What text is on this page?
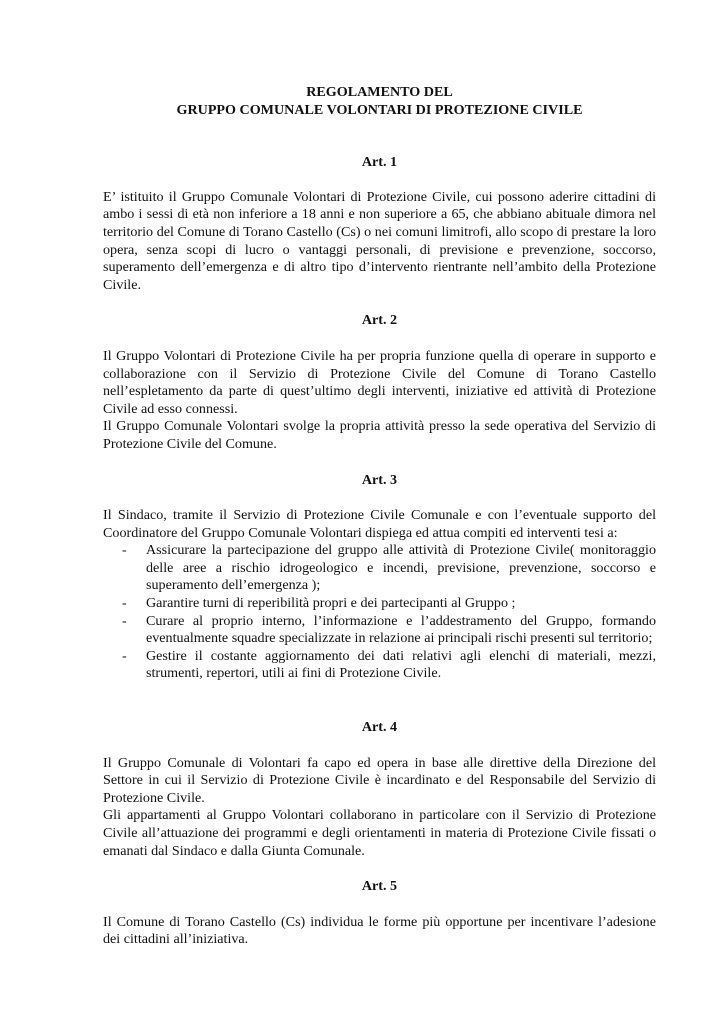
REGOLAMENTO DEL

GRUPPO COMUNALE VOLONTARI DI PROTEZIONE CIVILE

Art. 1

E’ istituito il Gruppo Comunale Volontari di Protezione Civile, cui possono aderire cittadini di ambo i sessi di età non inferiore a 18 anni e non superiore a 65, che abbiano abituale dimora nel territorio del Comune di Torano Castello (Cs) o nei comuni limitrofi, allo scopo di prestare la loro opera, senza scopi di lucro o vantaggi personali, di previsione e prevenzione, soccorso, superamento dell’emergenza e di altro tipo d’intervento rientrante nell’ambito della Protezione Civile.

Art. 2

Il Gruppo Volontari di Protezione Civile ha per propria funzione quella di operare in supporto e collaborazione con il Servizio di Protezione Civile del Comune di Torano Castello nell’espletamento da parte di quest’ultimo degli interventi, iniziative ed attività di Protezione Civile ad esso connessi.

Il Gruppo Comunale Volontari svolge la propria attività presso la sede operativa del Servizio di Protezione Civile del Comune.

Art. 3

Il Sindaco, tramite il Servizio di Protezione Civile Comunale e con l’eventuale supporto del Coordinatore del Gruppo Comunale Volontari dispiega ed attua compiti ed interventi tesi a:

- Assicurare la partecipazione del gruppo alle attività di Protezione Civile( monitoraggio delle aree a rischio idrogeologico e incendi, previsione, prevenzione, soccorso e superamento dell’emergenza );
- Garantire turni di reperibilità propri e dei partecipanti al Gruppo ;
- Curare al proprio interno, l’informazione e l’addestramento del Gruppo, formando eventualmente squadre specializzate in relazione ai principali rischi presenti sul territorio;
- Gestire il costante aggiornamento dei dati relativi agli elenchi di materiali, mezzi, strumenti, repertori, utili ai fini di Protezione Civile.

Art. 4

Il Gruppo Comunale di Volontari fa capo ed opera in base alle direttive della Direzione del Settore in cui il Servizio di Protezione Civile è incardinato e del Responsabile del Servizio di Protezione Civile.

Gli appartamenti al Gruppo Volontari collaborano in particolare con il Servizio di Protezione Civile all’attuazione dei programmi e degli orientamenti in materia di Protezione Civile fissati o emanati dal Sindaco e dalla Giunta Comunale.

Art. 5

Il Comune di Torano Castello (Cs) individua le forme più opportune per incentivare l’adesione dei cittadini all’iniziativa.
